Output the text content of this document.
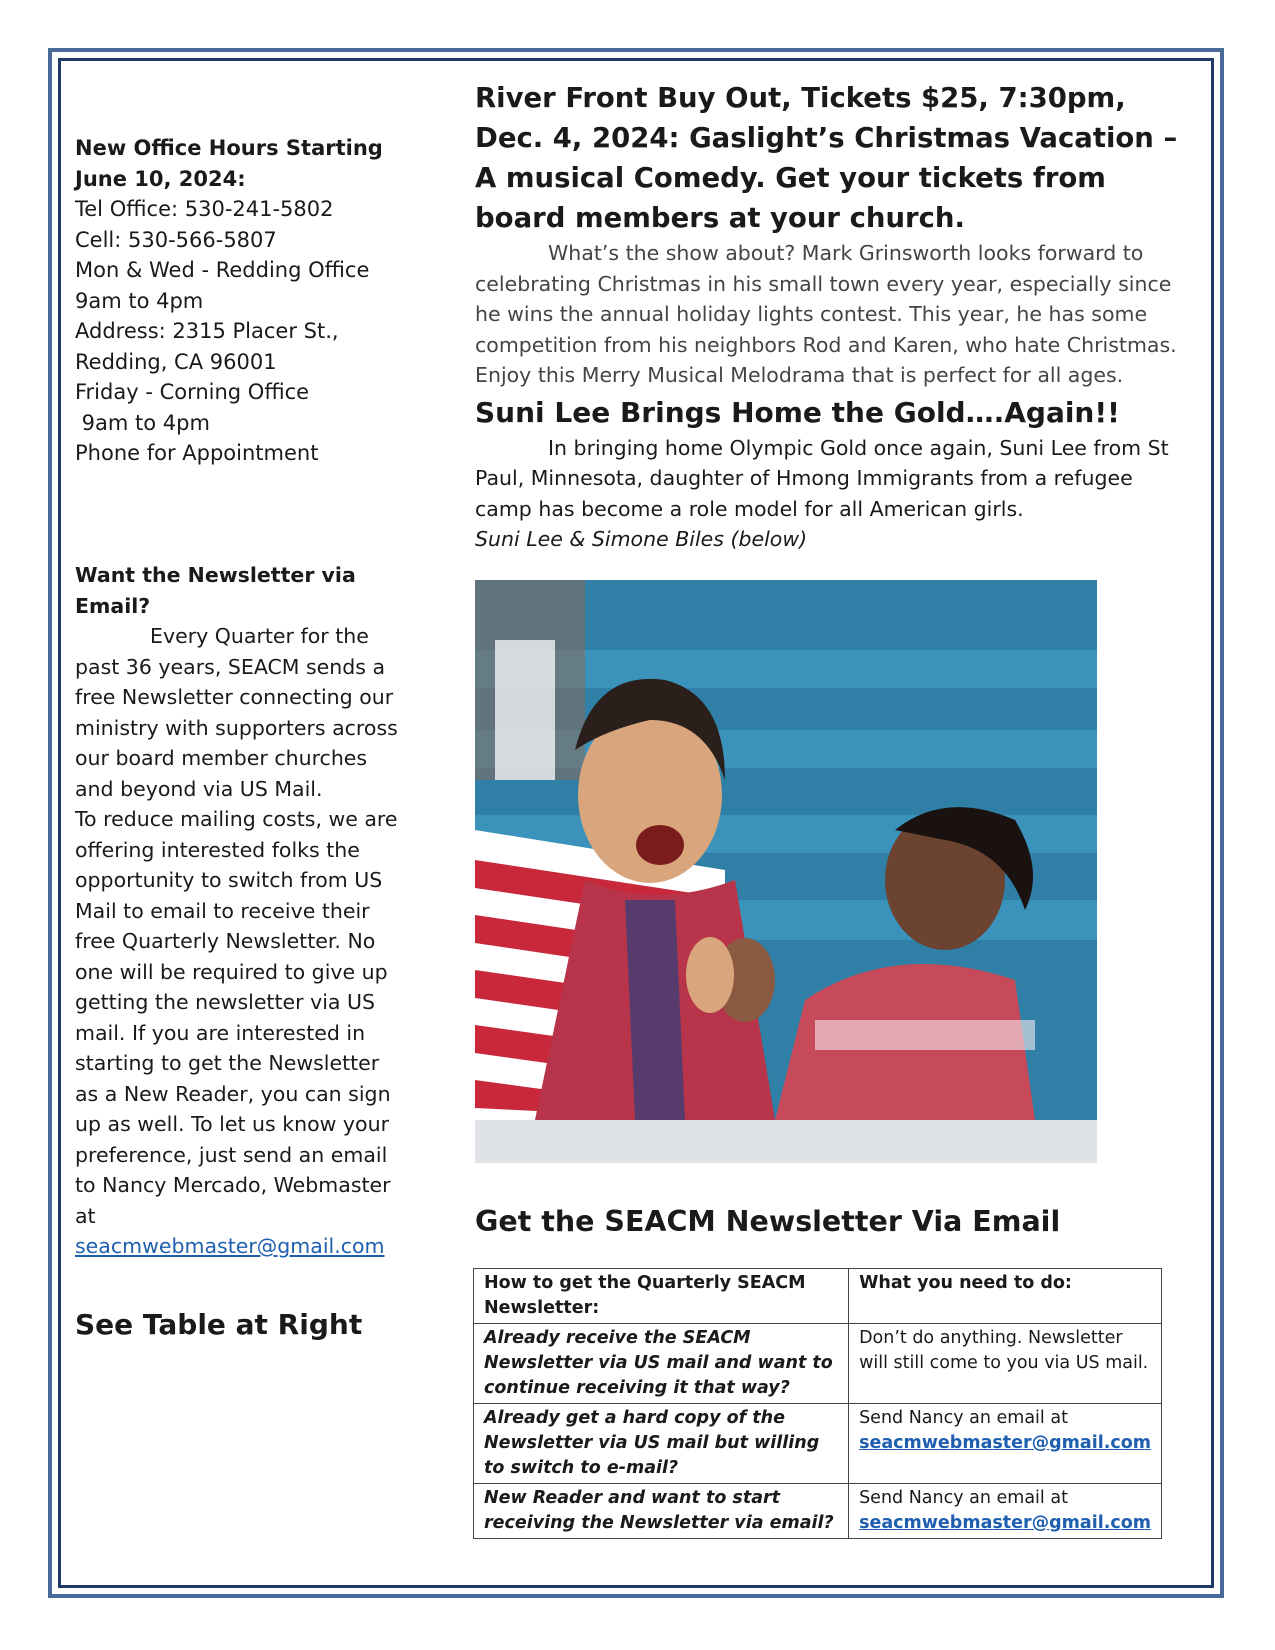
New Office Hours Starting June 10, 2024:
Tel Office: 530-241-5802
Cell: 530-566-5807
Mon & Wed - Redding Office
9am to 4pm
Address: 2315 Placer St.,
Redding, CA 96001
Friday - Corning Office
9am to 4pm
Phone for Appointment
Want the Newsletter via Email?
Every Quarter for the past 36 years, SEACM sends a free Newsletter connecting our ministry with supporters across our board member churches and beyond via US Mail.
To reduce mailing costs, we are offering interested folks the opportunity to switch from US Mail to email to receive their free Quarterly Newsletter. No one will be required to give up getting the newsletter via US mail. If you are interested in starting to get the Newsletter as a New Reader, you can sign up as well. To let us know your preference, just send an email to Nancy Mercado, Webmaster at seacmwebmaster@gmail.com
See Table at Right

River Front Buy Out, Tickets $25, 7:30pm, Dec. 4, 2024: Gaslight’s Christmas Vacation – A musical Comedy. Get your tickets from board members at your church.

What’s the show about? Mark Grinsworth looks forward to celebrating Christmas in his small town every year, especially since he wins the annual holiday lights contest. This year, he has some competition from his neighbors Rod and Karen, who hate Christmas. Enjoy this Merry Musical Melodrama that is perfect for all ages.

Suni Lee Brings Home the Gold….Again!!

In bringing home Olympic Gold once again, Suni Lee from St Paul, Minnesota, daughter of Hmong Immigrants from a refugee camp has become a role model for all American girls.

Suni Lee & Simone Biles (below)
Get the SEACM Newsletter Via Email
How to get the Quarterly SEACM Newsletter:	What you need to do:
Already receive the SEACM Newsletter via US mail and want to continue receiving it that way?	Don’t do anything. Newsletter will still come to you via US mail.
Already get a hard copy of the Newsletter via US mail but willing to switch to e-mail?	Send Nancy an email at
seacmwebmaster@gmail.com
New Reader and want to start receiving the Newsletter via email?	Send Nancy an email at
seacmwebmaster@gmail.com
